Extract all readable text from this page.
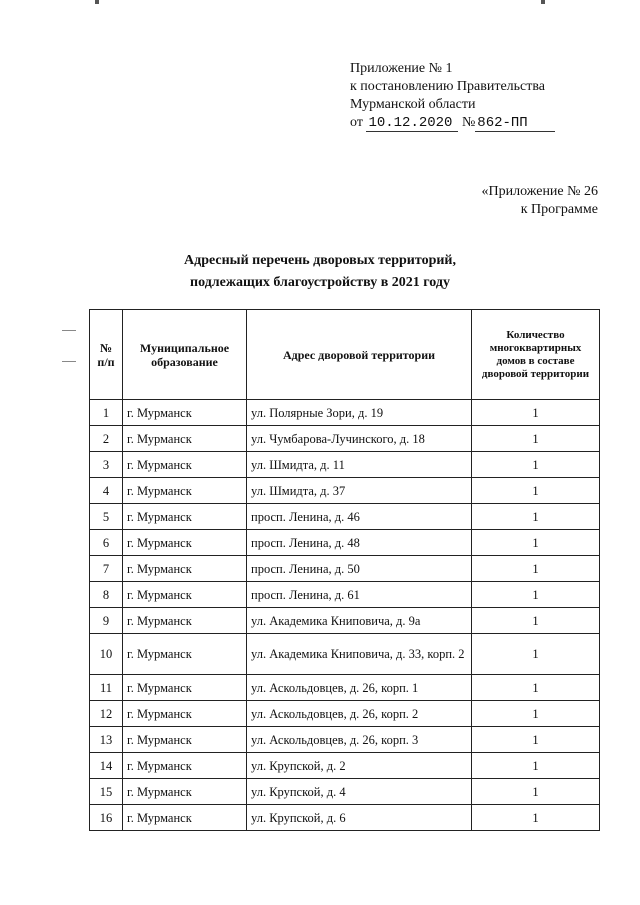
Приложение № 1
к постановлению Правительства
Мурманской области
от 10.12.2020 № 862-ПП
«Приложение № 26
к Программе
Адресный перечень дворовых территорий,
подлежащих благоустройству в 2021 году
№ п/п	Муниципальное образование	Адрес дворовой территории	Количество многоквартирных домов в составе дворовой территории
1	г. Мурманск	ул. Полярные Зори, д. 19	1
2	г. Мурманск	ул. Чумбарова-Лучинского, д. 18	1
3	г. Мурманск	ул. Шмидта, д. 11	1
4	г. Мурманск	ул. Шмидта, д. 37	1
5	г. Мурманск	просп. Ленина, д. 46	1
6	г. Мурманск	просп. Ленина, д. 48	1
7	г. Мурманск	просп. Ленина, д. 50	1
8	г. Мурманск	просп. Ленина, д. 61	1
9	г. Мурманск	ул. Академика Книповича, д. 9а	1
10	г. Мурманск	ул. Академика Книповича, д. 33, корп. 2	1
11	г. Мурманск	ул. Аскольдовцев, д. 26, корп. 1	1
12	г. Мурманск	ул. Аскольдовцев, д. 26, корп. 2	1
13	г. Мурманск	ул. Аскольдовцев, д. 26, корп. 3	1
14	г. Мурманск	ул. Крупской, д. 2	1
15	г. Мурманск	ул. Крупской, д. 4	1
16	г. Мурманск	ул. Крупской, д. 6	1
